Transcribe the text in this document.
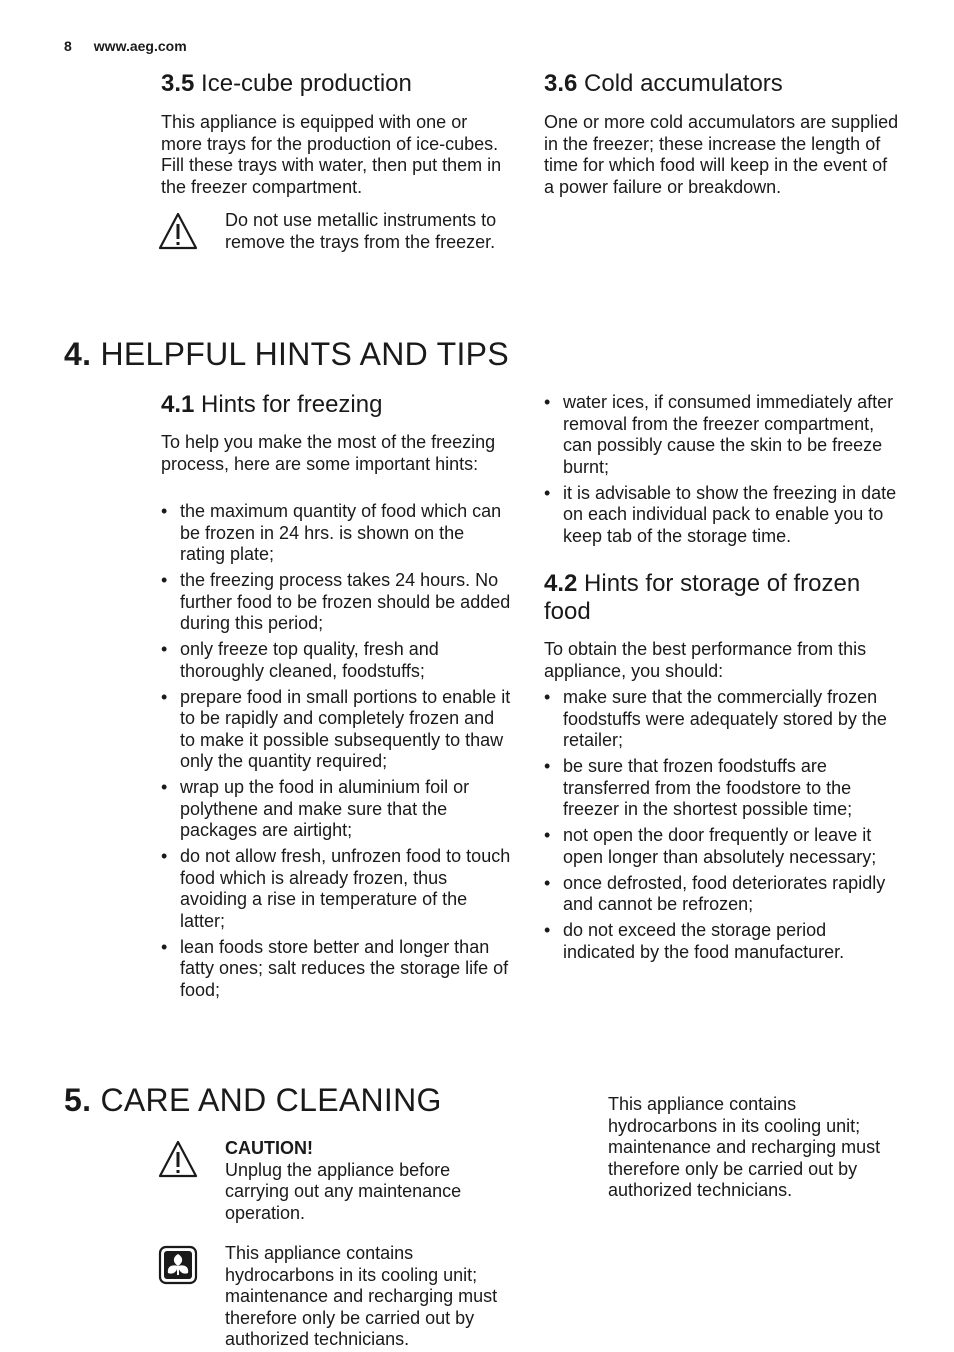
8 www.aeg.com
3.5 Ice-cube production

This appliance is equipped with one or more trays for the production of ice-cubes. Fill these trays with water, then put them in the freezer compartment.

Do not use metallic instruments to remove the trays from the freezer.

3.6 Cold accumulators

One or more cold accumulators are supplied in the freezer; these increase the length of time for which food will keep in the event of a power failure or breakdown.

4. HELPFUL HINTS AND TIPS
4.1 Hints for freezing

To help you make the most of the freezing process, here are some important hints:

• the maximum quantity of food which can be frozen in 24 hrs. is shown on the rating plate;
• the freezing process takes 24 hours. No further food to be frozen should be added during this period;
• only freeze top quality, fresh and thoroughly cleaned, foodstuffs;
• prepare food in small portions to enable it to be rapidly and completely frozen and to make it possible subsequently to thaw only the quantity required;
• wrap up the food in aluminium foil or polythene and make sure that the packages are airtight;
• do not allow fresh, unfrozen food to touch food which is already frozen, thus avoiding a rise in temperature of the latter;
• lean foods store better and longer than fatty ones; salt reduces the storage life of food;
• water ices, if consumed immediately after removal from the freezer compartment, can possibly cause the skin to be freeze burnt;
• it is advisable to show the freezing in date on each individual pack to enable you to keep tab of the storage time.
4.2 Hints for storage of frozen food

To obtain the best performance from this appliance, you should:

• make sure that the commercially frozen foodstuffs were adequately stored by the retailer;
• be sure that frozen foodstuffs are transferred from the foodstore to the freezer in the shortest possible time;
• not open the door frequently or leave it open longer than absolutely necessary;
• once defrosted, food deteriorates rapidly and cannot be refrozen;
• do not exceed the storage period indicated by the food manufacturer.
5. CARE AND CLEANING
CAUTION!
Unplug the appliance before carrying out any maintenance operation.

This appliance contains hydrocarbons in its cooling unit; maintenance and recharging must therefore only be carried out by authorized technicians.

This appliance contains hydrocarbons in its cooling unit; maintenance and recharging must therefore only be carried out by authorized technicians.
